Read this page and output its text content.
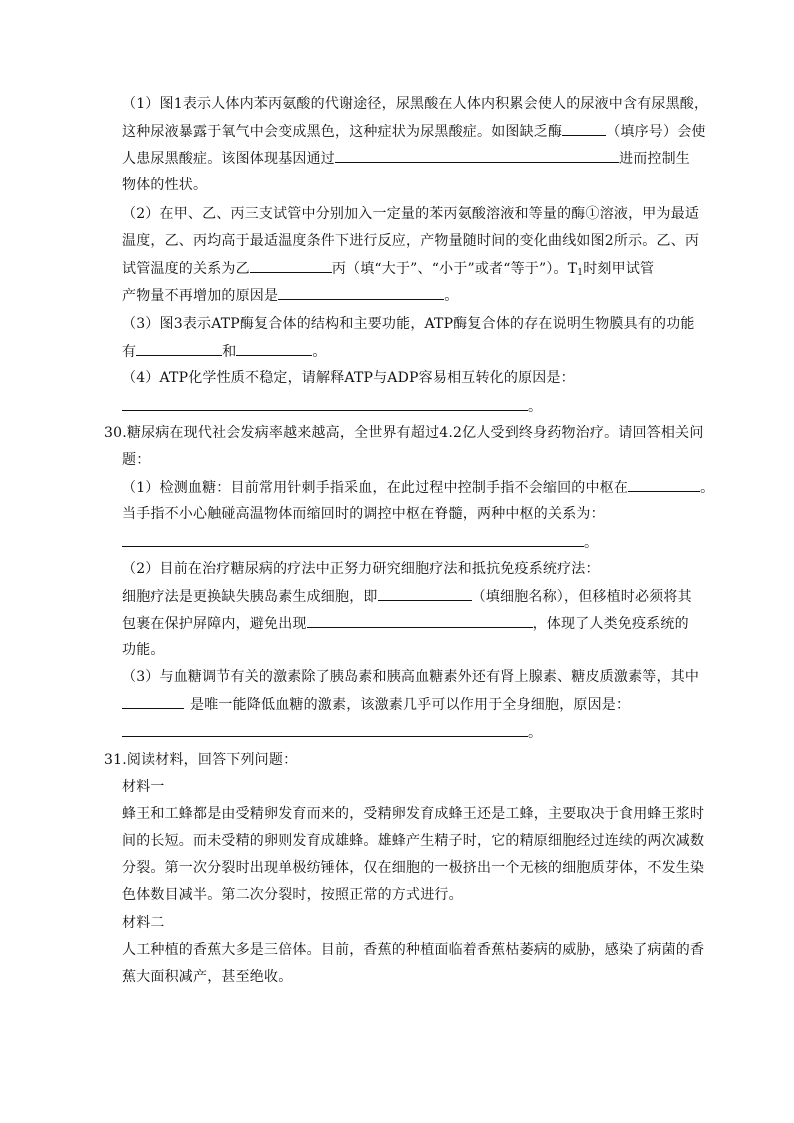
（1）图1表示人体内苯丙氨酸的代谢途径，尿黑酸在人体内积累会使人的尿液中含有尿黑酸，
这种尿液暴露于氧气中会变成黑色，这种症状为尿黑酸症。如图缺乏酶	（填序号）会使
人患尿黑酸症。该图体现基因通过	进而控制生
物体的性状。
（2）在甲、乙、丙三支试管中分别加入一定量的苯丙氨酸溶液和等量的酶①溶液，甲为最适
温度，乙、丙均高于最适温度条件下进行反应，产物量随时间的变化曲线如图2所示。乙、丙
试管温度的关系为乙	丙（填“大于”、“小于”或者“等于”）。$T_1$时刻甲试管
产物量不再增加的原因是	。
（3）图3表示ATP酶复合体的结构和主要功能，ATP酶复合体的存在说明生物膜具有的功能
有	和	。
（4）ATP化学性质不稳定，请解释ATP与ADP容易相互转化的原因是：
。
30.糖尿病在现代社会发病率越来越高，全世界有超过4.2亿人受到终身药物治疗。请回答相关问
题：
（1）检测血糖：目前常用针刺手指采血，在此过程中控制手指不会缩回的中枢在	。
当手指不小心触碰高温物体而缩回时的调控中枢在脊髓，两种中枢的关系为：
。
（2）目前在治疗糖尿病的疗法中正努力研究细胞疗法和抵抗免疫系统疗法：
细胞疗法是更换缺失胰岛素生成细胞，即	（填细胞名称），但移植时必须将其
包裹在保护屏障内，避免出现	，体现了人类免疫系统的
功能。
（3）与血糖调节有关的激素除了胰岛素和胰高血糖素外还有肾上腺素、糖皮质激素等，其中
是唯一能降低血糖的激素，该激素几乎可以作用于全身细胞，原因是：
。
31.阅读材料，回答下列问题：
材料一
蜂王和工蜂都是由受精卵发育而来的，受精卵发育成蜂王还是工蜂，主要取决于食用蜂王浆时
间的长短。而未受精的卵则发育成雄蜂。雄蜂产生精子时，它的精原细胞经过连续的两次减数
分裂。第一次分裂时出现单极纺锤体，仅在细胞的一极挤出一个无核的细胞质芽体，不发生染
色体数目减半。第二次分裂时，按照正常的方式进行。
材料二
人工种植的香蕉大多是三倍体。目前，香蕉的种植面临着香蕉枯萎病的威胁，感染了病菌的香
蕉大面积减产，甚至绝收。
